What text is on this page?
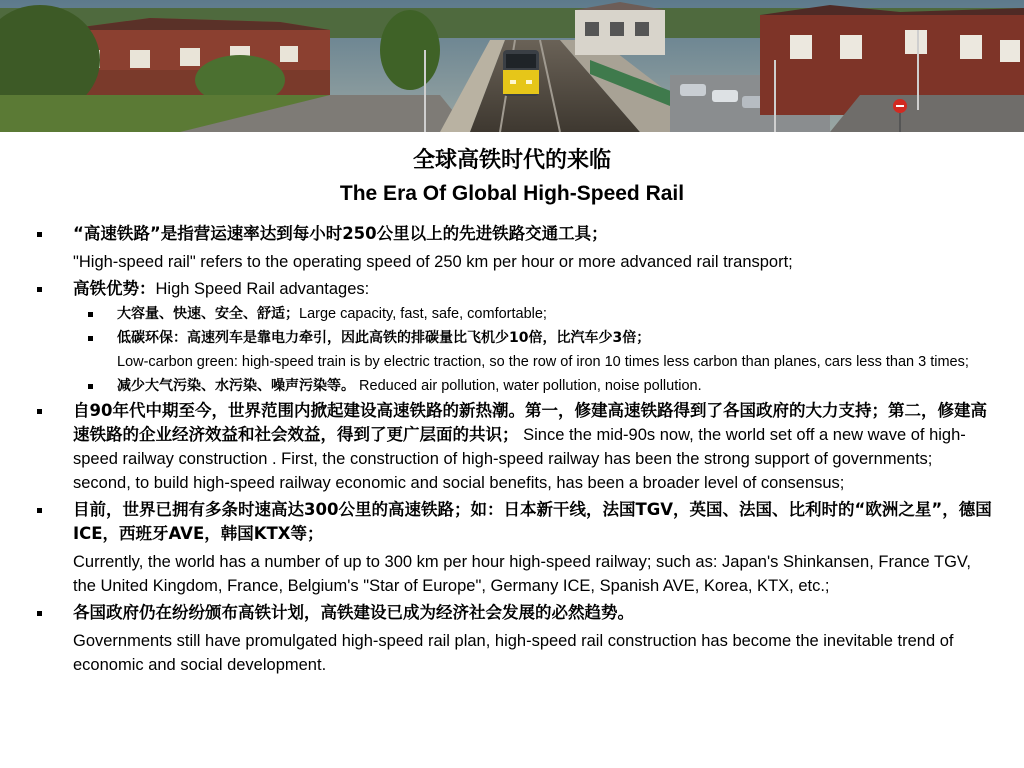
全球高铁时代的来临
The Era Of Global High-Speed Rail
“高速铁路”是指营运速率达到每小时250公里以上的先进铁路交通工具；
"High-speed rail" refers to the operating speed of 250 km per hour or more advanced rail transport;
高铁优势：High Speed Rail advantages:
大容量、快速、安全、舒适；Large capacity, fast, safe, comfortable;
低碳环保：高速列车是靠电力牵引，因此高铁的排碳量比飞机少10倍，比汽车少3倍；
Low-carbon green: high-speed train is by electric traction, so the row of iron 10 times less carbon than planes, cars less than 3 times;
减少大气污染、水污染、噪声污染等。 Reduced air pollution, water pollution, noise pollution.
自90年代中期至今，世界范围内掀起建设高速铁路的新热潮。第一，修建高速铁路得到了各国政府的大力支持；第二，修建高速铁路的企业经济效益和社会效益，得到了更广层面的共识； Since the mid-90s now, the world set off a new wave of high-speed railway construction . First, the construction of high-speed railway has been the strong support of governments; second, to build high-speed railway economic and social benefits, has been a broader level of consensus;
目前，世界已拥有多条时速高达300公里的高速铁路；如：日本新干线，法国TGV，英国、法国、比利时的“欧洲之星”，德国ICE，西班牙AVE，韩国KTX等；
Currently, the world has a number of up to 300 km per hour high-speed railway; such as: Japan's Shinkansen, France TGV, the United Kingdom, France, Belgium's "Star of Europe", Germany ICE, Spanish AVE, Korea, KTX, etc.;
各国政府仍在纷纷颁布高铁计划，高铁建设已成为经济社会发展的必然趋势。
Governments still have promulgated high-speed rail plan, high-speed rail construction has become the inevitable trend of economic and social development.
